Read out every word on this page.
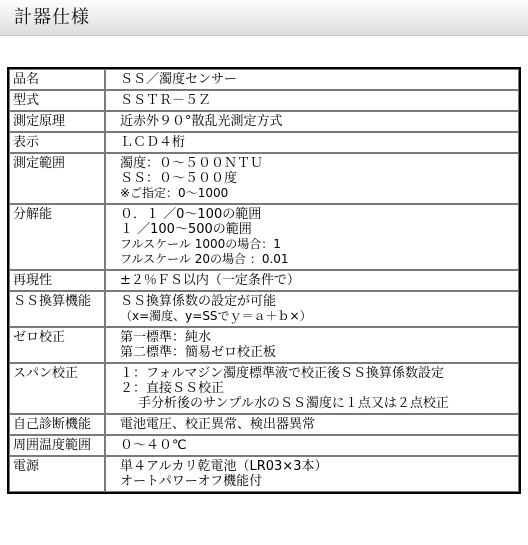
計器仕様
品名	ＳＳ／濁度センサー

型式	ＳＳＴＲ－５Ｚ

測定原理	近赤外９０°散乱光測定方式

表示	ＬＣＤ４桁

測定範囲	濁度：０～５００ＮＴＵ
ＳＳ：０～５００度
※ご指定：0～1000

分解能	０．１ ／0～100の範囲
１ ／100～500の範囲
フルスケール 1000の場合：1
フルスケール 20の場合 ：0.01

再現性	±２％ＦＳ以内（一定条件で）

ＳＳ換算機能	ＳＳ換算係数の設定が可能
（x=濁度、y=SSでｙ＝ａ＋ｂ×）

ゼロ校正	第一標準：純水
第二標準：簡易ゼロ校正板

スパン校正	１：フォルマジン濁度標準液で校正後ＳＳ換算係数設定
２：直接ＳＳ校正
手分析後のサンプル水のＳＳ濁度に１点又は２点校正

自己診断機能	電池電圧、校正異常、検出器異常

周囲温度範囲	０～４０℃

電源	単４アルカリ乾電池（LR03×3本）
オートパワーオフ機能付
